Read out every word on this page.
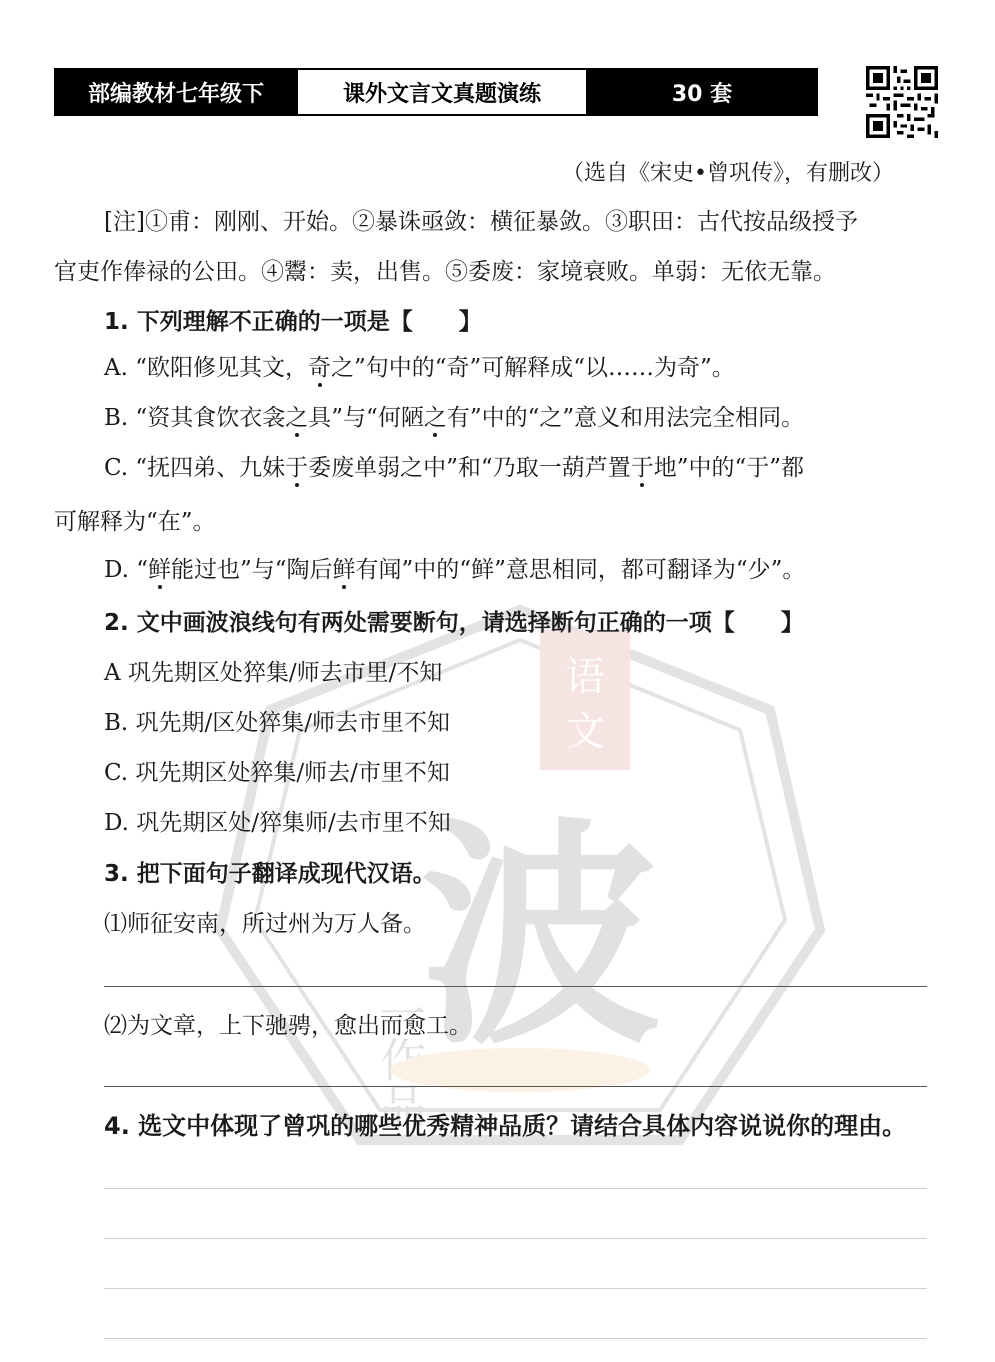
部编教材七年级下	课外文言文真题演练	30 套
语
文
波
一作品
（选自《宋史•曾巩传》，有删改）
[注]①甫：刚刚、开始。②暴诛亟敛：横征暴敛。③职田：古代按品级授予
官吏作俸禄的公田。④鬻：卖，出售。⑤委废：家境衰败。单弱：无依无靠。
1. 下列理解不正确的一项是【　　】
A. “欧阳修见其文，奇之”句中的“奇”可解释成“以……为奇”。
B. “资其食饮衣衾之具”与“何陋之有”中的“之”意义和用法完全相同。
C. “抚四弟、九妹于委废单弱之中”和“乃取一葫芦置于地”中的“于”都
可解释为“在”。
D. “鲜能过也”与“陶后鲜有闻”中的“鲜”意思相同，都可翻译为“少”。
2. 文中画波浪线句有两处需要断句，请选择断句正确的一项【　　】
A 巩先期区处猝集/师去市里/不知
B. 巩先期/区处猝集/师去市里不知
C. 巩先期区处猝集/师去/市里不知
D. 巩先期区处/猝集师/去市里不知
3. 把下面句子翻译成现代汉语。
⑴师征安南，所过州为万人备。
⑵为文章，上下驰骋，愈出而愈工。
4. 选文中体现了曾巩的哪些优秀精神品质？请结合具体内容说说你的理由。
